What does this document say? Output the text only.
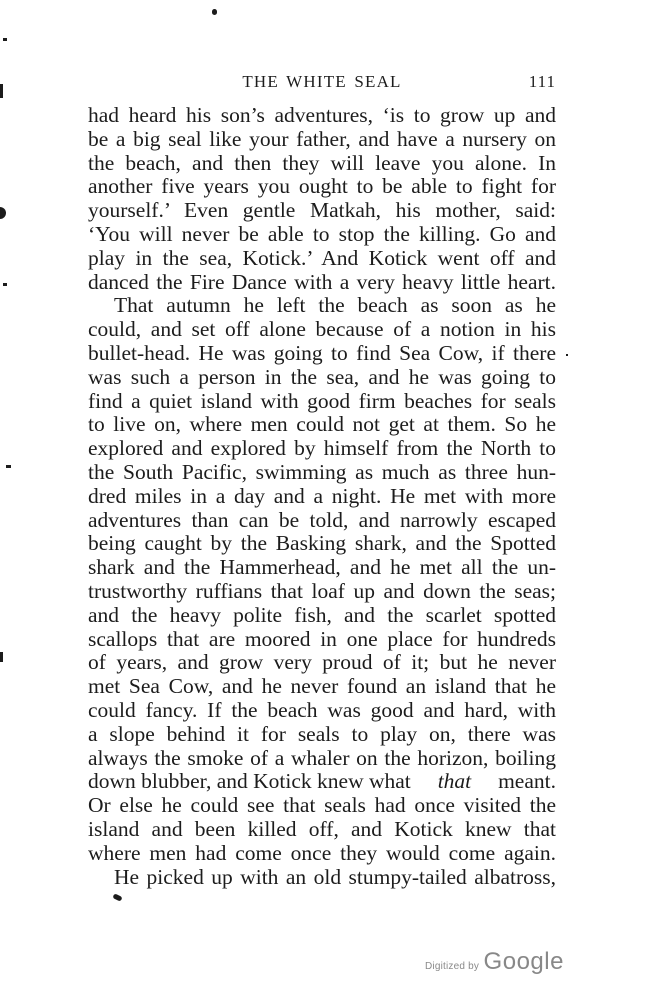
THE WHITE SEAL	111
had heard his son’s adventures, ‘is to grow up and
be a big seal like your father, and have a nursery on
the beach, and then they will leave you alone. In
another five years you ought to be able to fight for
yourself.’ Even gentle Matkah, his mother, said:
‘You will never be able to stop the killing. Go and
play in the sea, Kotick.’ And Kotick went off and
danced the Fire Dance with a very heavy little heart.
That autumn he left the beach as soon as he
could, and set off alone because of a notion in his
bullet-head. He was going to find Sea Cow, if there
was such a person in the sea, and he was going to
find a quiet island with good firm beaches for seals
to live on, where men could not get at them. So he
explored and explored by himself from the North to
the South Pacific, swimming as much as three hun-
dred miles in a day and a night. He met with more
adventures than can be told, and narrowly escaped
being caught by the Basking shark, and the Spotted
shark and the Hammerhead, and he met all the un-
trustworthy ruffians that loaf up and down the seas;
and the heavy polite fish, and the scarlet spotted
scallops that are moored in one place for hundreds
of years, and grow very proud of it; but he never
met Sea Cow, and he never found an island that he
could fancy. If the beach was good and hard, with
a slope behind it for seals to play on, there was
always the smoke of a whaler on the horizon, boiling
down blubber, and Kotick knew what that meant.
Or else he could see that seals had once visited the
island and been killed off, and Kotick knew that
where men had come once they would come again.
He picked up with an old stumpy-tailed albatross,
Digitized by Google
